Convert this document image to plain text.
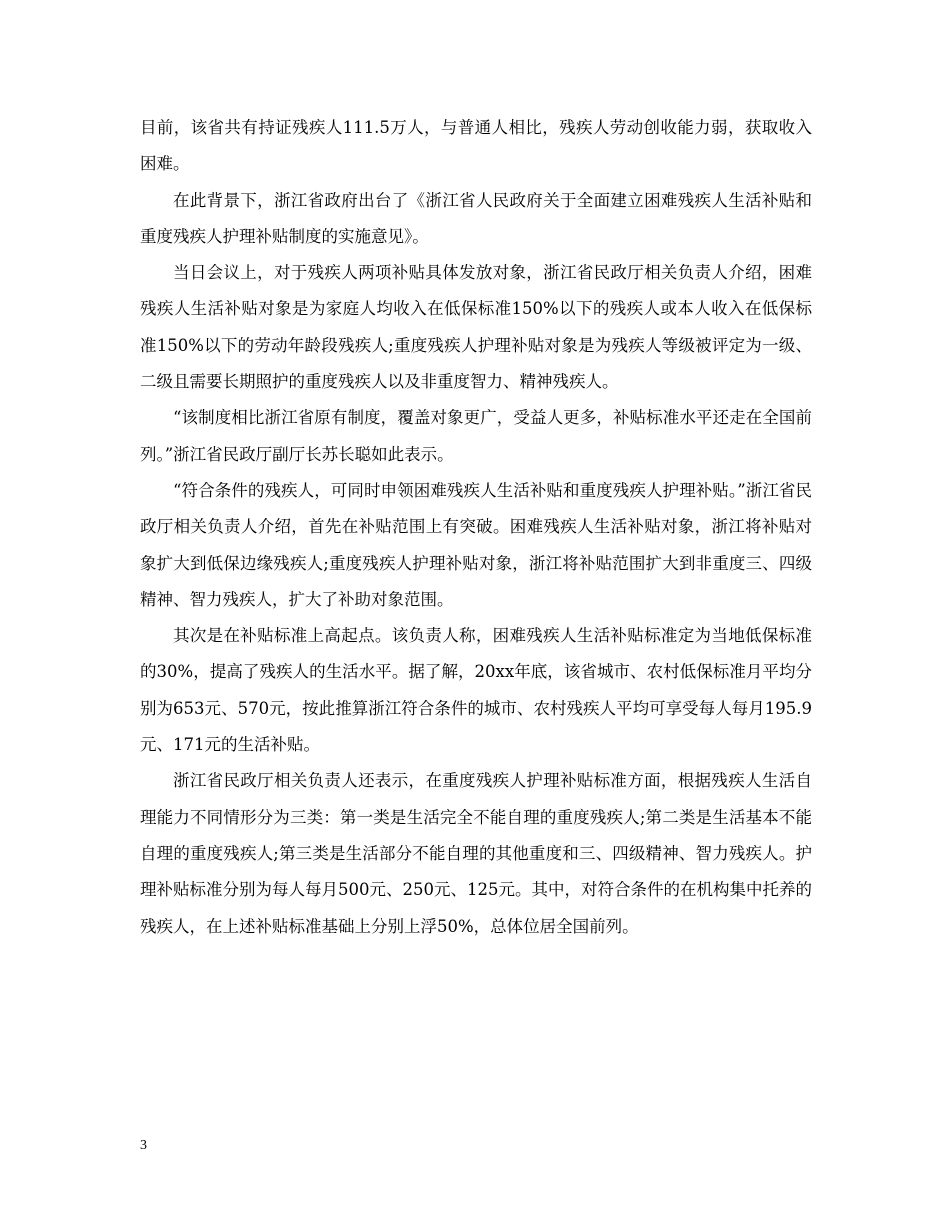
目前，该省共有持证残疾人111.5万人，与普通人相比，残疾人劳动创收能力弱，获取收入困难。

在此背景下，浙江省政府出台了《浙江省人民政府关于全面建立困难残疾人生活补贴和重度残疾人护理补贴制度的实施意见》。

当日会议上，对于残疾人两项补贴具体发放对象，浙江省民政厅相关负责人介绍，困难残疾人生活补贴对象是为家庭人均收入在低保标准150%以下的残疾人或本人收入在低保标准150%以下的劳动年龄段残疾人;重度残疾人护理补贴对象是为残疾人等级被评定为一级、二级且需要长期照护的重度残疾人以及非重度智力、精神残疾人。

“该制度相比浙江省原有制度，覆盖对象更广，受益人更多，补贴标准水平还走在全国前列。”浙江省民政厅副厅长苏长聪如此表示。

“符合条件的残疾人，可同时申领困难残疾人生活补贴和重度残疾人护理补贴。”浙江省民政厅相关负责人介绍，首先在补贴范围上有突破。困难残疾人生活补贴对象，浙江将补贴对象扩大到低保边缘残疾人;重度残疾人护理补贴对象，浙江将补贴范围扩大到非重度三、四级精神、智力残疾人，扩大了补助对象范围。

其次是在补贴标准上高起点。该负责人称，困难残疾人生活补贴标准定为当地低保标准的30%，提高了残疾人的生活水平。据了解，20xx年底，该省城市、农村低保标准月平均分别为653元、570元，按此推算浙江符合条件的城市、农村残疾人平均可享受每人每月195.9元、171元的生活补贴。

浙江省民政厅相关负责人还表示，在重度残疾人护理补贴标准方面，根据残疾人生活自理能力不同情形分为三类：第一类是生活完全不能自理的重度残疾人;第二类是生活基本不能自理的重度残疾人;第三类是生活部分不能自理的其他重度和三、四级精神、智力残疾人。护理补贴标准分别为每人每月500元、250元、125元。其中，对符合条件的在机构集中托养的残疾人，在上述补贴标准基础上分别上浮50%，总体位居全国前列。

3
